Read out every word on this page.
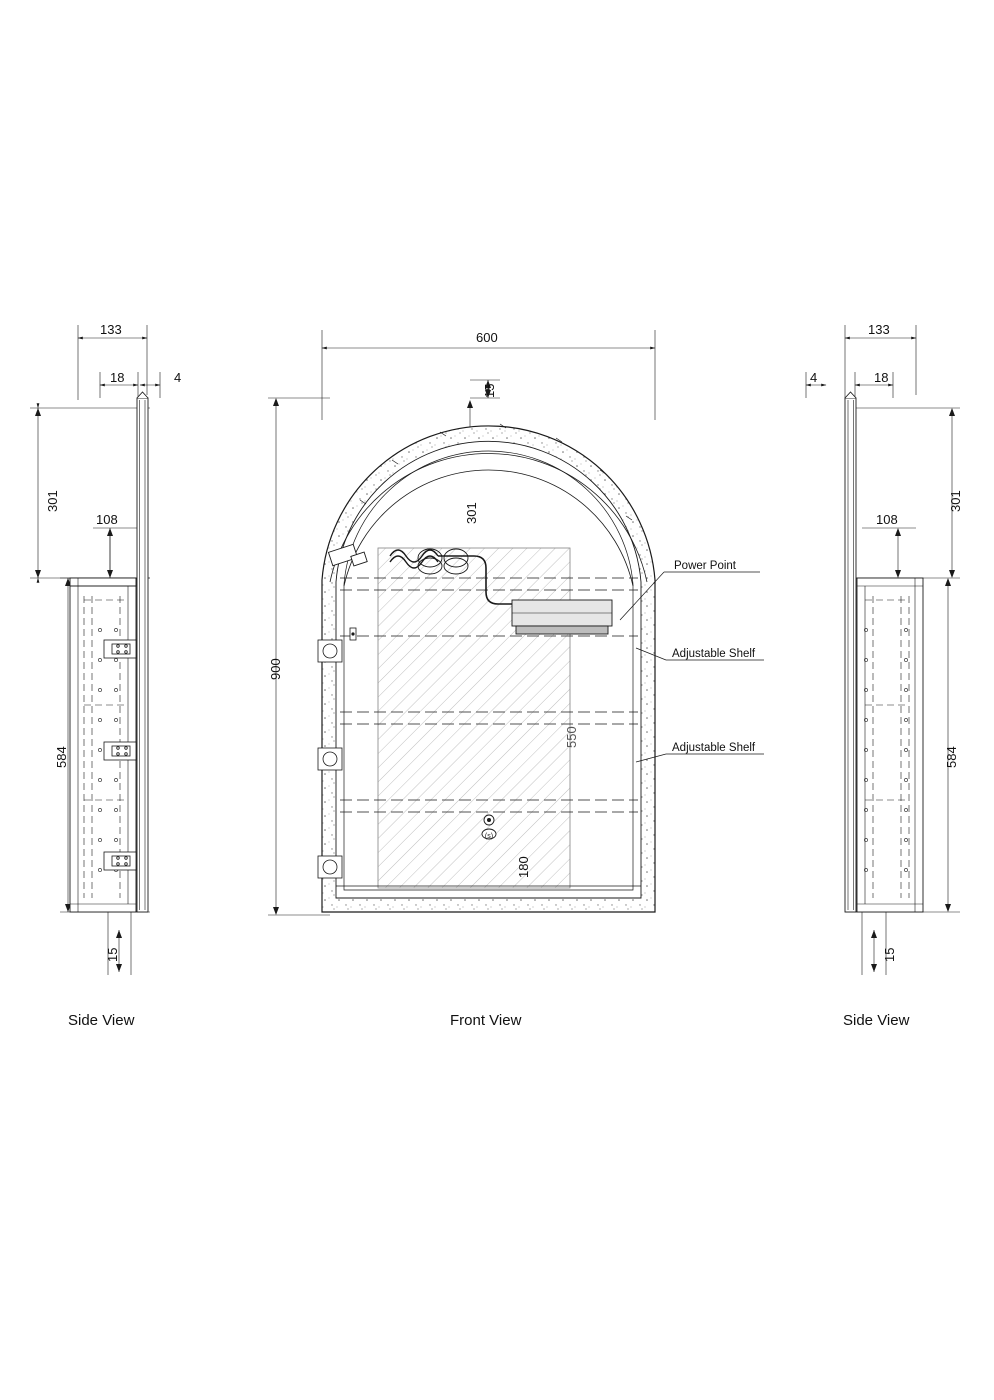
(s)
133
18	4
301
108
584
15
600
900
15
301
550
180
Power Point
Adjustable Shelf
Adjustable Shelf
133
4	18
301
108
584
15
Side View	Front View	Side View
